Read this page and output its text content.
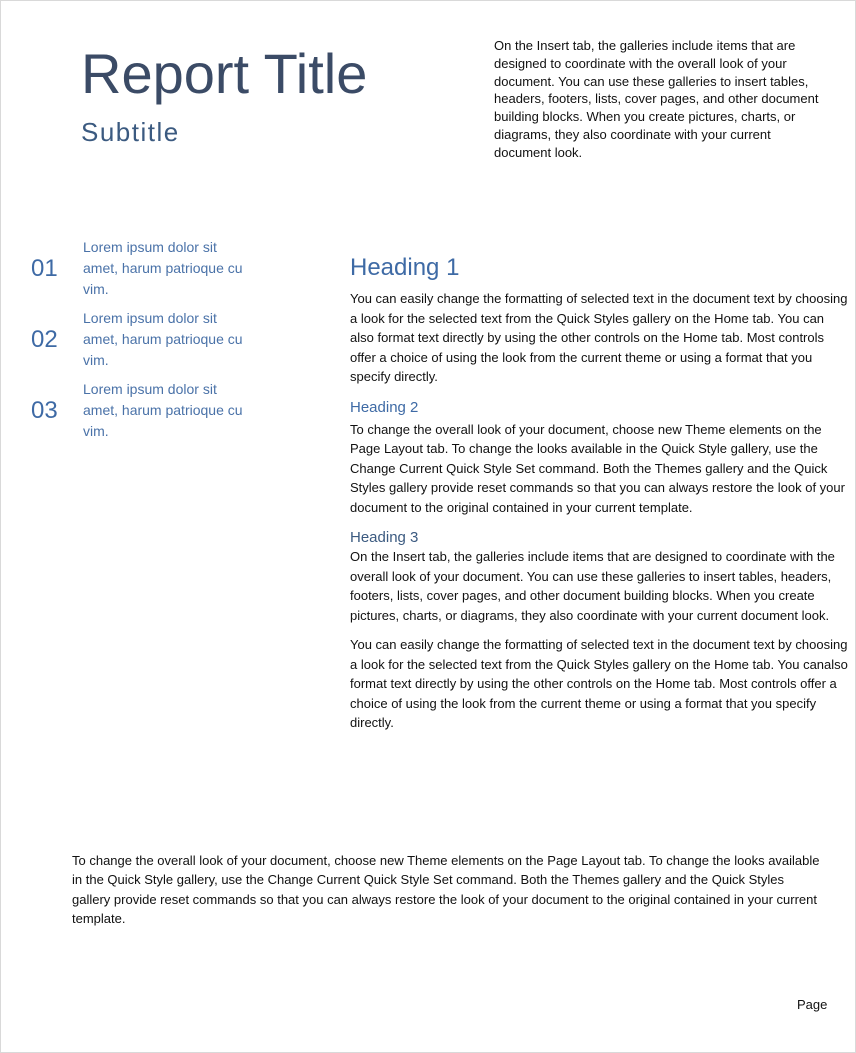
Report Title
Subtitle

On the Insert tab, the galleries include items that are designed to coordinate with the overall look of your document. You can use these galleries to insert tables, headers, footers, lists, cover pages, and other document building blocks. When you create pictures, charts, or diagrams, they also coordinate with your current document look.

01
Lorem ipsum dolor sit amet, harum patrioque cu vim.
02
Lorem ipsum dolor sit amet, harum patrioque cu vim.
03
Lorem ipsum dolor sit amet, harum patrioque cu vim.
Heading 1

You can easily change the formatting of selected text in the document text by choosing a look for the selected text from the Quick Styles gallery on the Home tab. You can also format text directly by using the other controls on the Home tab. Most controls offer a choice of using the look from the current theme or using a format that you specify directly.

Heading 2

To change the overall look of your document, choose new Theme elements on the Page Layout tab. To change the looks available in the Quick Style gallery, use the Change Current Quick Style Set command. Both the Themes gallery and the Quick Styles gallery provide reset commands so that you can always restore the look of your document to the original contained in your current template.

Heading 3

On the Insert tab, the galleries include items that are designed to coordinate with the overall look of your document. You can use these galleries to insert tables, headers, footers, lists, cover pages, and other document building blocks. When you create pictures, charts, or diagrams, they also coordinate with your current document look.

You can easily change the formatting of selected text in the document text by choosing a look for the selected text from the Quick Styles gallery on the Home tab. You canalso format text directly by using the other controls on the Home tab. Most controls offer a choice of using the look from the current theme or using a format that you specify directly.

To change the overall look of your document, choose new Theme elements on the Page Layout tab. To change the looks available in the Quick Style gallery, use the Change Current Quick Style Set command. Both the Themes gallery and the Quick Styles gallery provide reset commands so that you can always restore the look of your document to the original contained in your current template.

Page
